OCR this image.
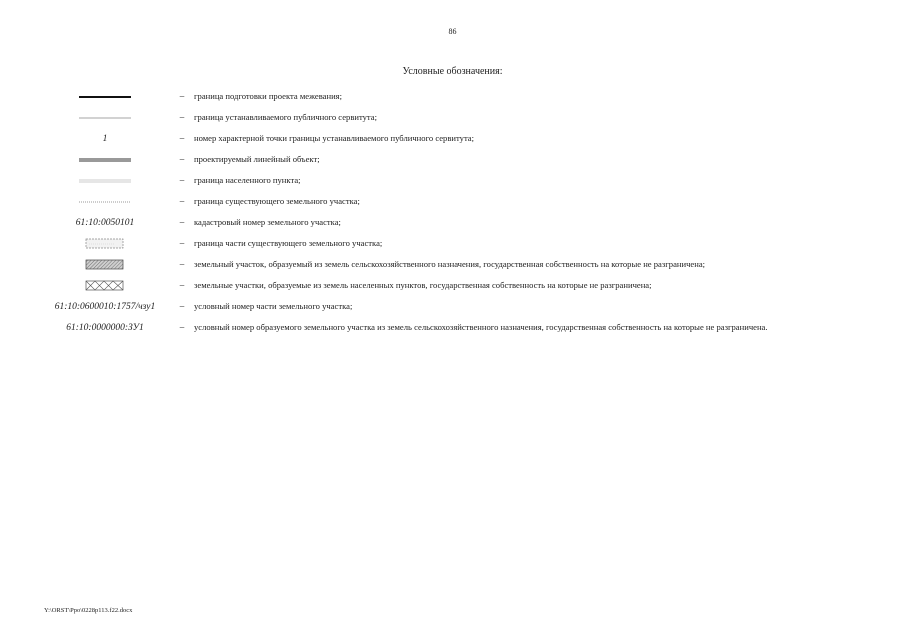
86
Условные обозначения:
–	граница подготовки проекта межевания;
–	граница устанавливаемого публичного сервитута;
1	–	номер характерной точки границы устанавливаемого публичного сервитута;
–	проектируемый линейный объект;
–	граница населенного пункта;
–	граница существующего земельного участка;
61:10:0050101	–	кадастровый номер земельного участка;
–	граница части существующего земельного участка;
–	земельный участок, образуемый из земель сельскохозяйственного назначения, государственная собственность на которые не разграничена;
–	земельные участки, образуемые из земель населенных пунктов, государственная собственность на которые не разграничена;
61:10:0600010:1757/чзу1	–	условный номер части земельного участка;
61:10:0000000:ЗУ1	–	условный номер образуемого земельного участка из земель сельскохозяйственного назначения, государственная собственность на которые не разграничена.
Y:\ORST\Ppo\0228p113.f22.docx
